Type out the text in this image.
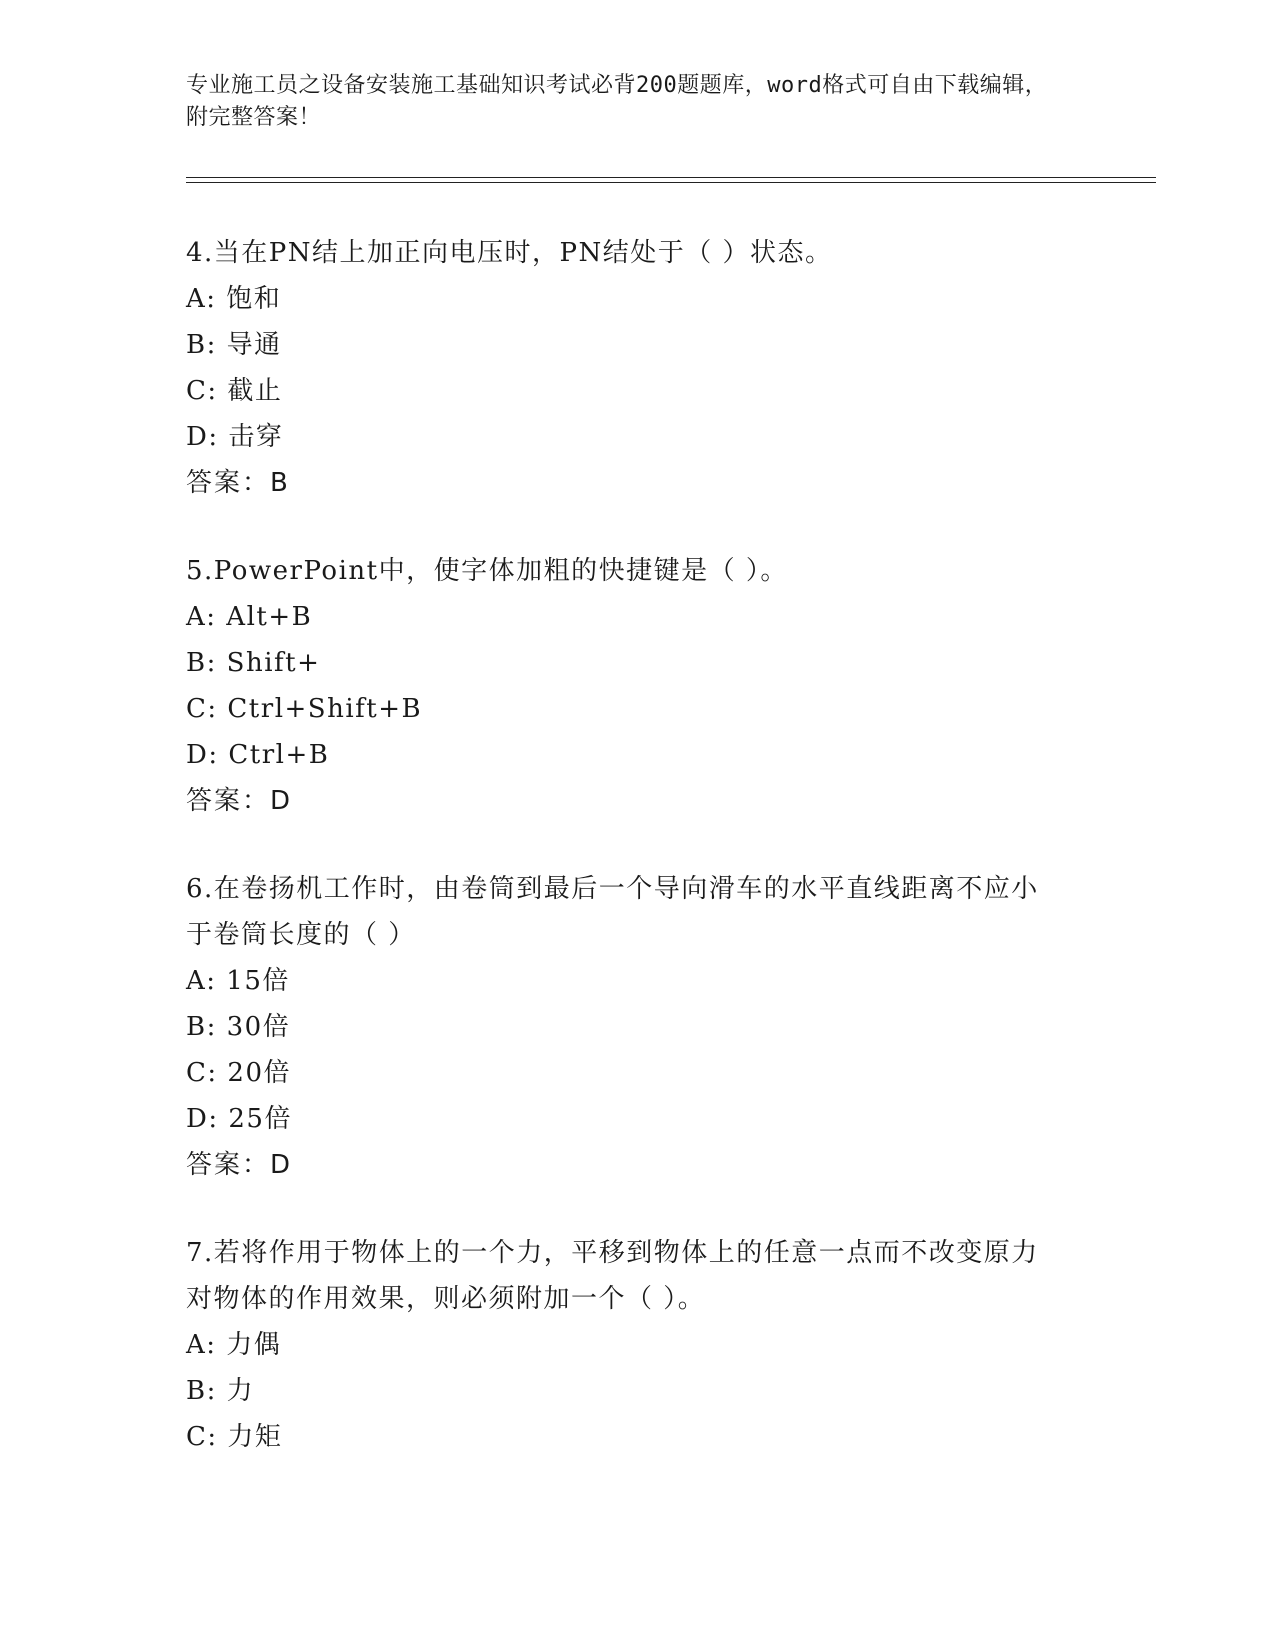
专业施工员之设备安装施工基础知识考试必背200题题库，word格式可自由下载编辑，附完整答案！

4.当在PN结上加正向电压时，PN结处于（ ）状态。

A: 饱和

B: 导通

C: 截止

D: 击穿

答案：B

5.PowerPoint中，使字体加粗的快捷键是（ ）。

A: Alt+B

B: Shift+

C: Ctrl+Shift+B

D: Ctrl+B

答案：D

6.在卷扬机工作时，由卷筒到最后一个导向滑车的水平直线距离不应小于卷筒长度的（ ）

A: 15倍

B: 30倍

C: 20倍

D: 25倍

答案：D

7.若将作用于物体上的一个力，平移到物体上的任意一点而不改变原力对物体的作用效果，则必须附加一个（ ）。

A: 力偶

B: 力

C: 力矩
